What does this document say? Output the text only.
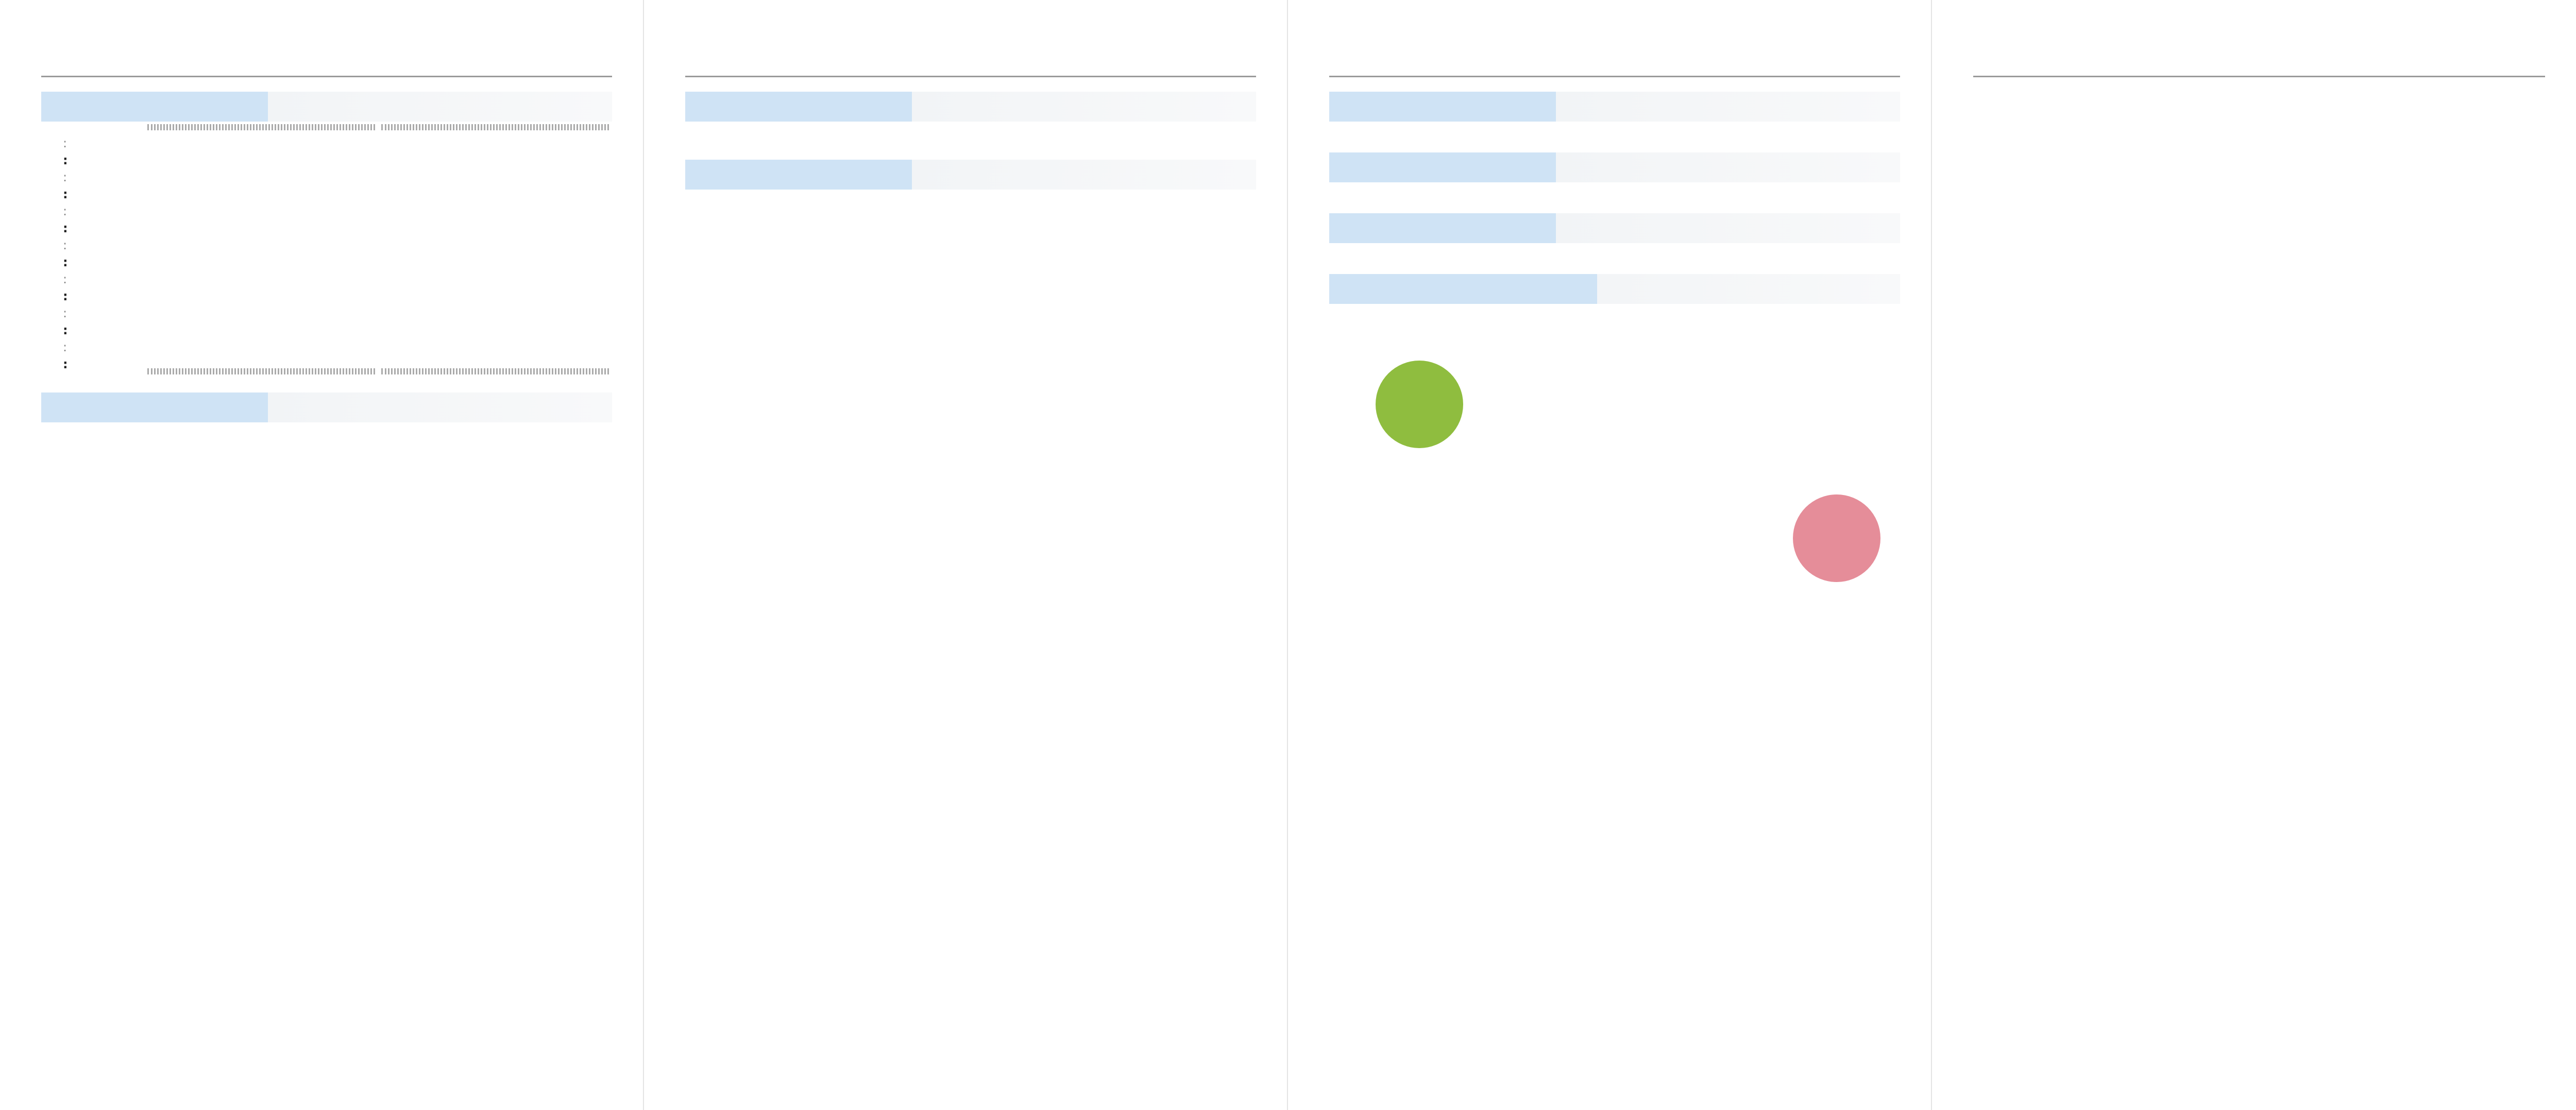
:
:
:
:
:
:
:
:
:
:
:
:
:
:
